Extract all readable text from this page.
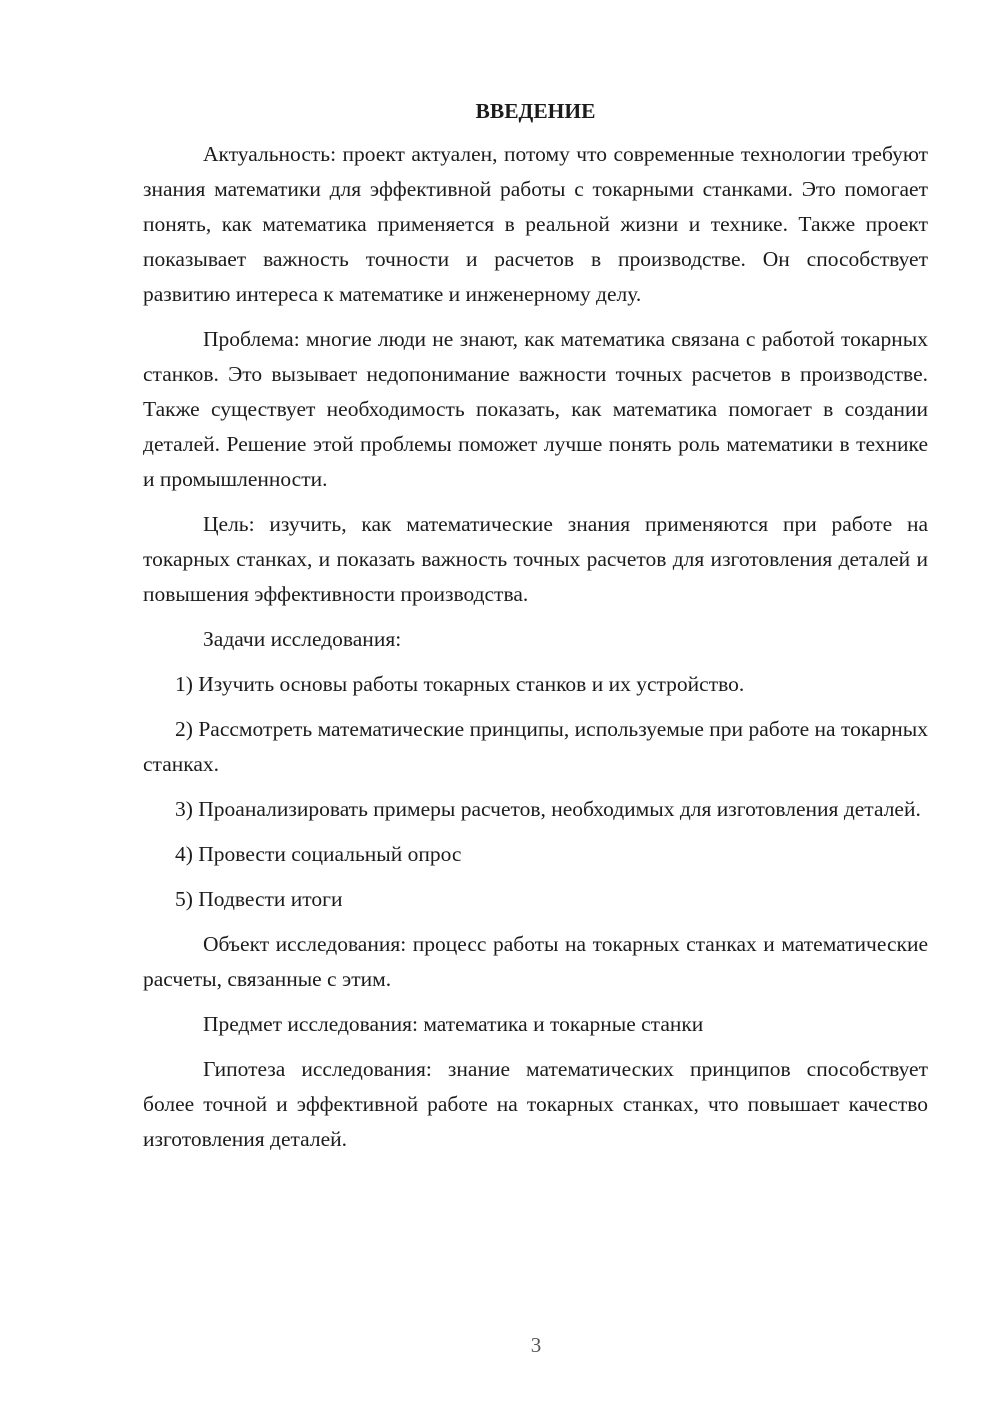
ВВЕДЕНИЕ

Актуальность: проект актуален, потому что современные технологии требуют знания математики для эффективной работы с токарными станками. Это помогает понять, как математика применяется в реальной жизни и технике. Также проект показывает важность точности и расчетов в производстве. Он способствует развитию интереса к математике и инженерному делу.

Проблема: многие люди не знают, как математика связана с работой токарных станков. Это вызывает недопонимание важности точных расчетов в производстве. Также существует необходимость показать, как математика помогает в создании деталей. Решение этой проблемы поможет лучше понять роль математики в технике и промышленности.

Цель: изучить, как математические знания применяются при работе на токарных станках, и показать важность точных расчетов для изготовления деталей и повышения эффективности производства.

Задачи исследования:

1) Изучить основы работы токарных станков и их устройство.

2) Рассмотреть математические принципы, используемые при работе на токарных станках.

3) Проанализировать примеры расчетов, необходимых для изготовления деталей.

4) Провести социальный опрос

5) Подвести итоги

Объект исследования: процесс работы на токарных станках и математические расчеты, связанные с этим.

Предмет исследования: математика и токарные станки

Гипотеза исследования: знание математических принципов способствует более точной и эффективной работе на токарных станках, что повышает качество изготовления деталей.

3
